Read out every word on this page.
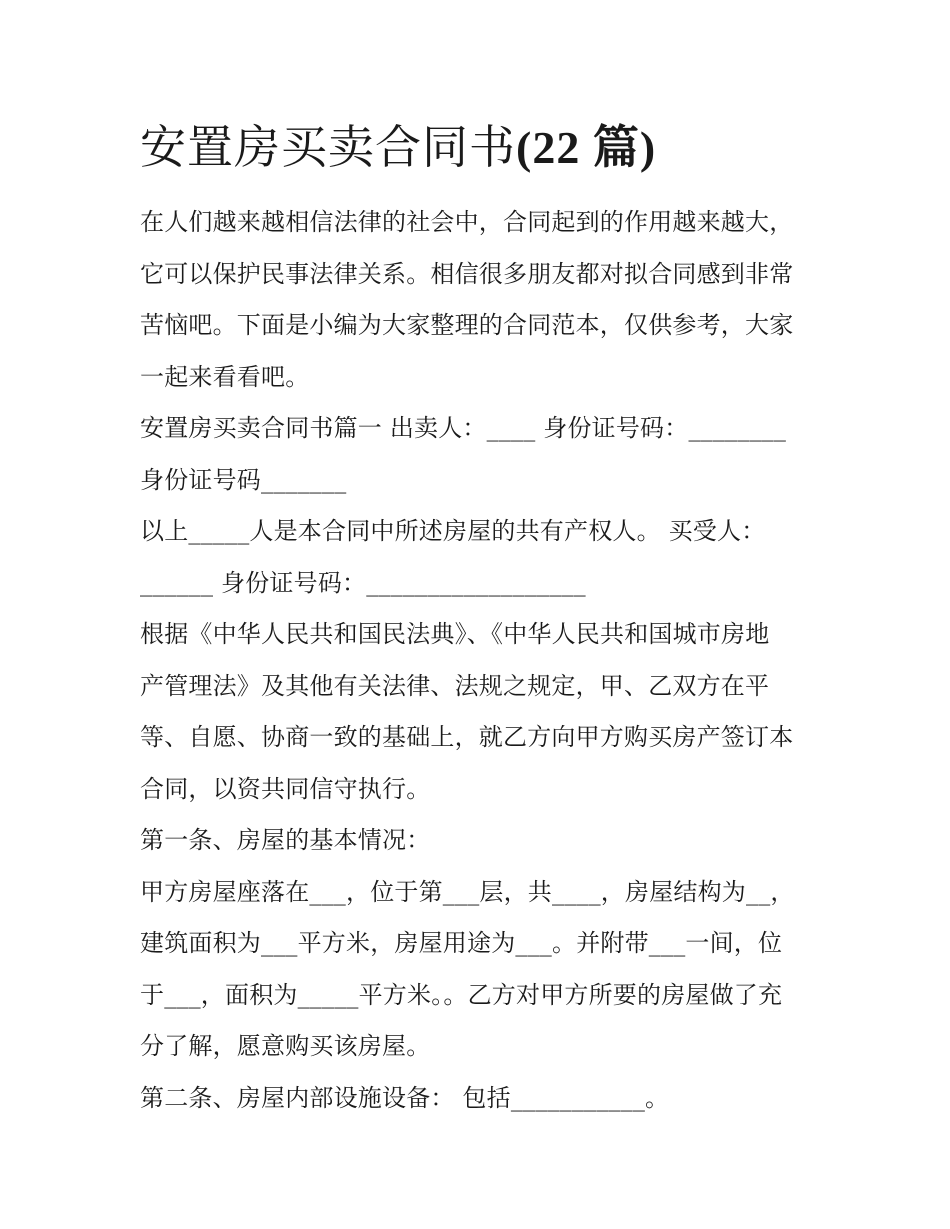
安置房买卖合同书(22 篇)

在人们越来越相信法律的社会中，合同起到的作用越来越大，

它可以保护民事法律关系。相信很多朋友都对拟合同感到非常

苦恼吧。下面是小编为大家整理的合同范本，仅供参考，大家

一起来看看吧。

安置房买卖合同书篇一 出卖人：____ 身份证号码：________

身份证号码_______

以上_____人是本合同中所述房屋的共有产权人。 买受人：

______ 身份证号码：__________________

根据《中华人民共和国民法典》、《中华人民共和国城市房地

产管理法》及其他有关法律、法规之规定，甲、乙双方在平

等、自愿、协商一致的基础上，就乙方向甲方购买房产签订本

合同，以资共同信守执行。

第一条、房屋的基本情况：

甲方房屋座落在___，位于第___层，共____，房屋结构为__，

建筑面积为___平方米，房屋用途为___。并附带___一间，位

于___，面积为_____平方米。。乙方对甲方所要的房屋做了充

分了解，愿意购买该房屋。

第二条、房屋内部设施设备： 包括___________。
